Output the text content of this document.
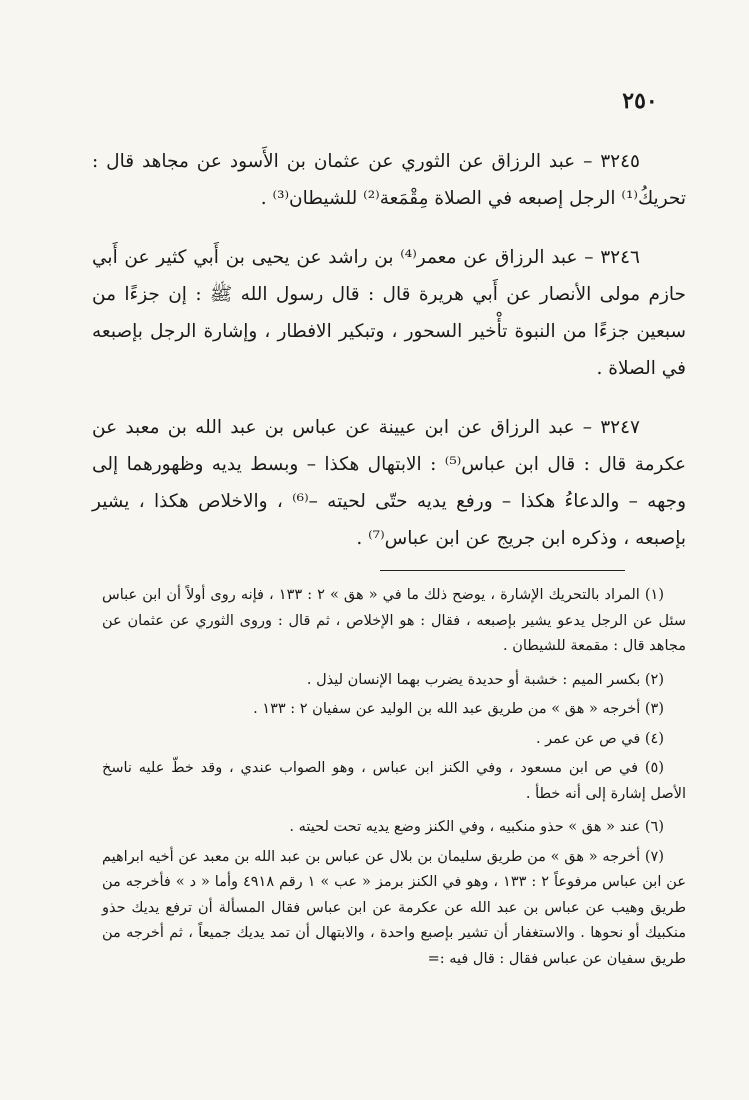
٢٥٠

٣٢٤٥ – عبد الرزاق عن الثوري عن عثمان بن الأَسود عن مجاهد قال : تحريكُ⁽¹⁾ الرجل إصبعه في الصلاة مِقْمَعة⁽²⁾ للشيطان⁽³⁾ .

٣٢٤٦ – عبد الرزاق عن معمر⁽⁴⁾ بن راشد عن يحيى بن أَبي كثير عن أَبي حازم مولى الأنصار عن أَبي هريرة قال : قال رسول الله ﷺ : إن جزءًا من سبعين جزءًا من النبوة تأْخير السحور ، وتبكير الافطار ، وإشارة الرجل بإصبعه في الصلاة .

٣٢٤٧ – عبد الرزاق عن ابن عيينة عن عباس بن عبد الله بن معبد عن عكرمة قال : قال ابن عباس⁽⁵⁾ : الابتهال هكذا – وبسط يديه وظهورهما إلى وجهه – والدعاءُ هكذا – ورفع يديه حتّى لحيته –⁽⁶⁾ ، والاخلاص هكذا ، يشير بإصبعه ، وذكره ابن جريج عن ابن عباس⁽⁷⁾ .

(١) المراد بالتحريك الإشارة ، يوضح ذلك ما في « هق » ٢ : ١٣٣ ، فإنه روى أولاً أن ابن عباس سئل عن الرجل يدعو يشير بإصبعه ، فقال : هو الإخلاص ، ثم قال : وروى الثوري عن عثمان عن مجاهد قال : مقمعة للشيطان .

(٢) بكسر الميم : خشبة أو حديدة يضرب بهما الإنسان ليذل .

(٣) أخرجه « هق » من طريق عبد الله بن الوليد عن سفيان ٢ : ١٣٣ .

(٤) في ص عن عمر .

(٥) في ص ابن مسعود ، وفي الكنز ابن عباس ، وهو الصواب عندي ، وقد خطّ عليه ناسخ الأصل إشارة إلى أنه خطأ .

(٦) عند « هق » حذو منكبيه ، وفي الكنز وضع يديه تحت لحيته .

(٧) أخرجه « هق » من طريق سليمان بن بلال عن عباس بن عبد الله بن معبد عن أخيه ابراهيم عن ابن عباس مرفوعاً ٢ : ١٣٣ ، وهو في الكنز برمز « عب » ١ رقم ٤٩١٨ وأما « د » فأخرجه من طريق وهيب عن عباس بن عبد الله عن عكرمة عن ابن عباس فقال المسألة أن ترفع يديك حذو منكبيك أو نحوها . والاستغفار أن تشير بإصبع واحدة ، والابتهال أن تمد يديك جميعاً ، ثم أخرجه من طريق سفيان عن عباس فقال : قال فيه :=
